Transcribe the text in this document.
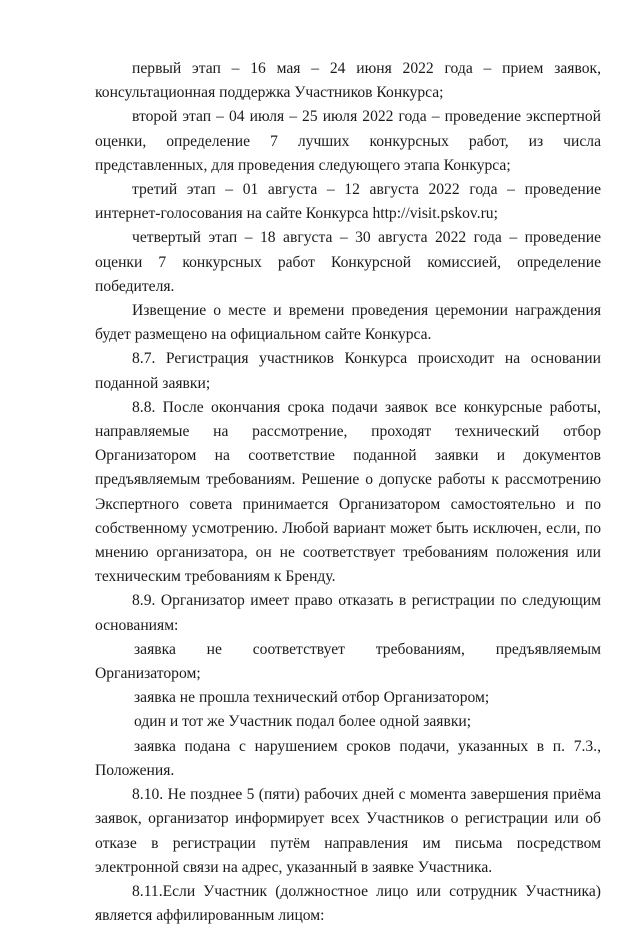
первый этап – 16 мая – 24 июня 2022 года – прием заявок, консультационная поддержка Участников Конкурса;

второй этап – 04 июля – 25 июля 2022 года – проведение экспертной оценки, определение 7 лучших конкурсных работ, из числа представленных, для проведения следующего этапа Конкурса;

третий этап – 01 августа – 12 августа 2022 года – проведение интернет-голосования на сайте Конкурса http://visit.pskov.ru;

четвертый этап – 18 августа – 30 августа 2022 года – проведение оценки 7 конкурсных работ Конкурсной комиссией, определение победителя.

Извещение о месте и времени проведения церемонии награждения будет размещено на официальном сайте Конкурса.

8.7. Регистрация участников Конкурса происходит на основании поданной заявки;

8.8. После окончания срока подачи заявок все конкурсные работы, направляемые на рассмотрение, проходят технический отбор Организатором на соответствие поданной заявки и документов предъявляемым требованиям. Решение о допуске работы к рассмотрению Экспертного совета принимается Организатором самостоятельно и по собственному усмотрению. Любой вариант может быть исключен, если, по мнению организатора, он не соответствует требованиям положения или техническим требованиям к Бренду.

8.9. Организатор имеет право отказать в регистрации по следующим основаниям:

заявка не соответствует требованиям, предъявляемым Организатором;

заявка не прошла технический отбор Организатором;

один и тот же Участник подал более одной заявки;

заявка подана с нарушением сроков подачи, указанных в п. 7.3., Положения.

8.10. Не позднее 5 (пяти) рабочих дней с момента завершения приёма заявок, организатор информирует всех Участников о регистрации или об отказе в регистрации путём направления им письма посредством электронной связи на адрес, указанный в заявке Участника.

8.11.Если Участник (должностное лицо или сотрудник Участника) является аффилированным лицом:
